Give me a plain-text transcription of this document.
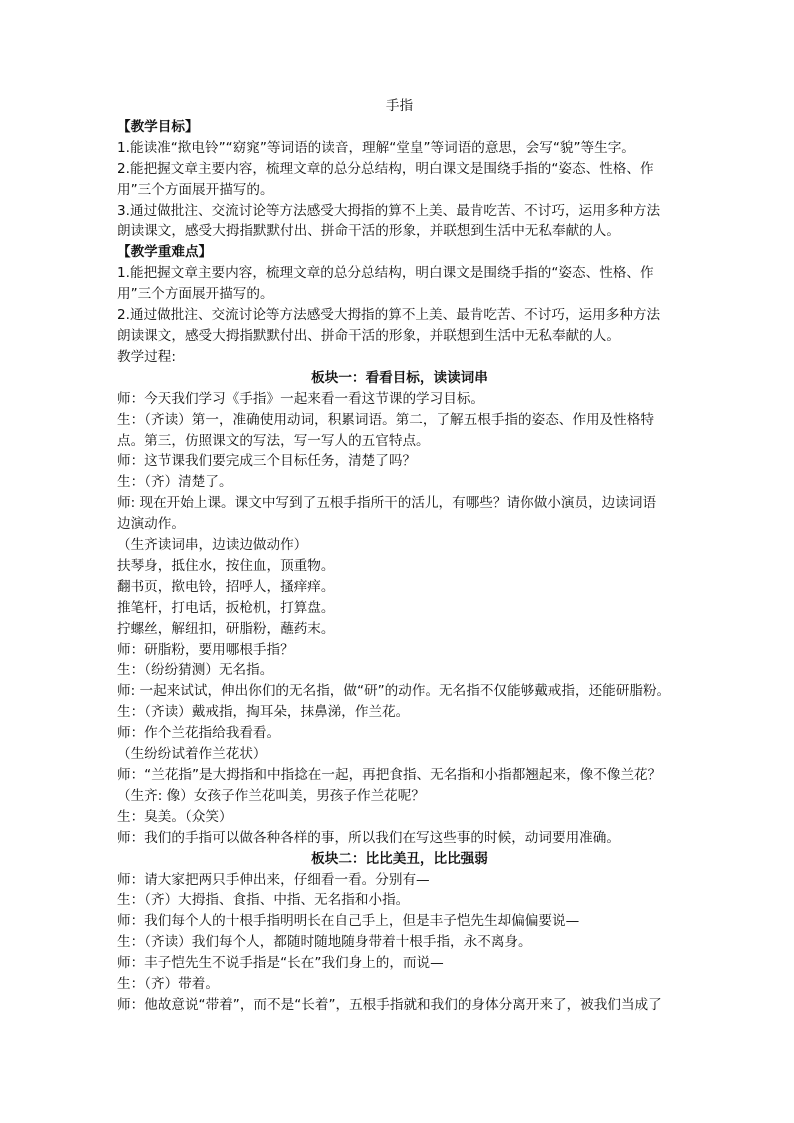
手指
【教学目标】
1.能读准“揿电铃”“窈窕”等词语的读音，理解“堂皇”等词语的意思，会写“貌”等生字。
2.能把握文章主要内容，梳理文章的总分总结构，明白课文是围绕手指的“姿态、性格、作
用”三个方面展开描写的。
3.通过做批注、交流讨论等方法感受大拇指的算不上美、最肯吃苦、不讨巧，运用多种方法
朗读课文，感受大拇指默默付出、拼命干活的形象，并联想到生活中无私奉献的人。
【教学重难点】
1.能把握文章主要内容，梳理文章的总分总结构，明白课文是围绕手指的“姿态、性格、作
用”三个方面展开描写的。
2.通过做批注、交流讨论等方法感受大拇指的算不上美、最肯吃苦、不讨巧，运用多种方法
朗读课文，感受大拇指默默付出、拼命干活的形象，并联想到生活中无私奉献的人。
教学过程:
板块一：看看目标，读读词串
师：今天我们学习《手指》一起来看一看这节课的学习目标。
生：（齐读）第一，准确使用动词，积累词语。第二，了解五根手指的姿态、作用及性格特
点。第三，仿照课文的写法，写一写人的五官特点。
师：这节课我们要完成三个目标任务，清楚了吗？
生：（齐）清楚了。
师: 现在开始上课。课文中写到了五根手指所干的活儿，有哪些？请你做小演员，边读词语
边演动作。
（生齐读词串，边读边做动作）
扶琴身，抵住水，按住血，顶重物。
翻书页，揿电铃，招呼人，搔痒痒。
推笔杆，打电话，扳枪机，打算盘。
拧螺丝，解纽扣，研脂粉，蘸药末。
师：研脂粉，要用哪根手指？
生：（纷纷猜测）无名指。
师: 一起来试试，伸出你们的无名指，做“研”的动作。无名指不仅能够戴戒指，还能研脂粉。
生：（齐读）戴戒指，掏耳朵，抹鼻涕，作兰花。
师：作个兰花指给我看看。
（生纷纷试着作兰花状）
师：“兰花指”是大拇指和中指捻在一起，再把食指、无名指和小指都翘起来，像不像兰花？
（生齐: 像）女孩子作兰花叫美，男孩子作兰花呢？
生：臭美。（众笑）
师：我们的手指可以做各种各样的事，所以我们在写这些事的时候，动词要用准确。
板块二：比比美丑，比比强弱
师：请大家把两只手伸出来，仔细看一看。分别有—
生：（齐）大拇指、食指、中指、无名指和小指。
师：我们每个人的十根手指明明长在自己手上，但是丰子恺先生却偏偏要说—
生：（齐读）我们每个人，都随时随地随身带着十根手指，永不离身。
师：丰子恺先生不说手指是“长在”我们身上的，而说—
生：（齐）带着。
师：他故意说“带着”，而不是“长着”，五根手指就和我们的身体分离开来了，被我们当成了
